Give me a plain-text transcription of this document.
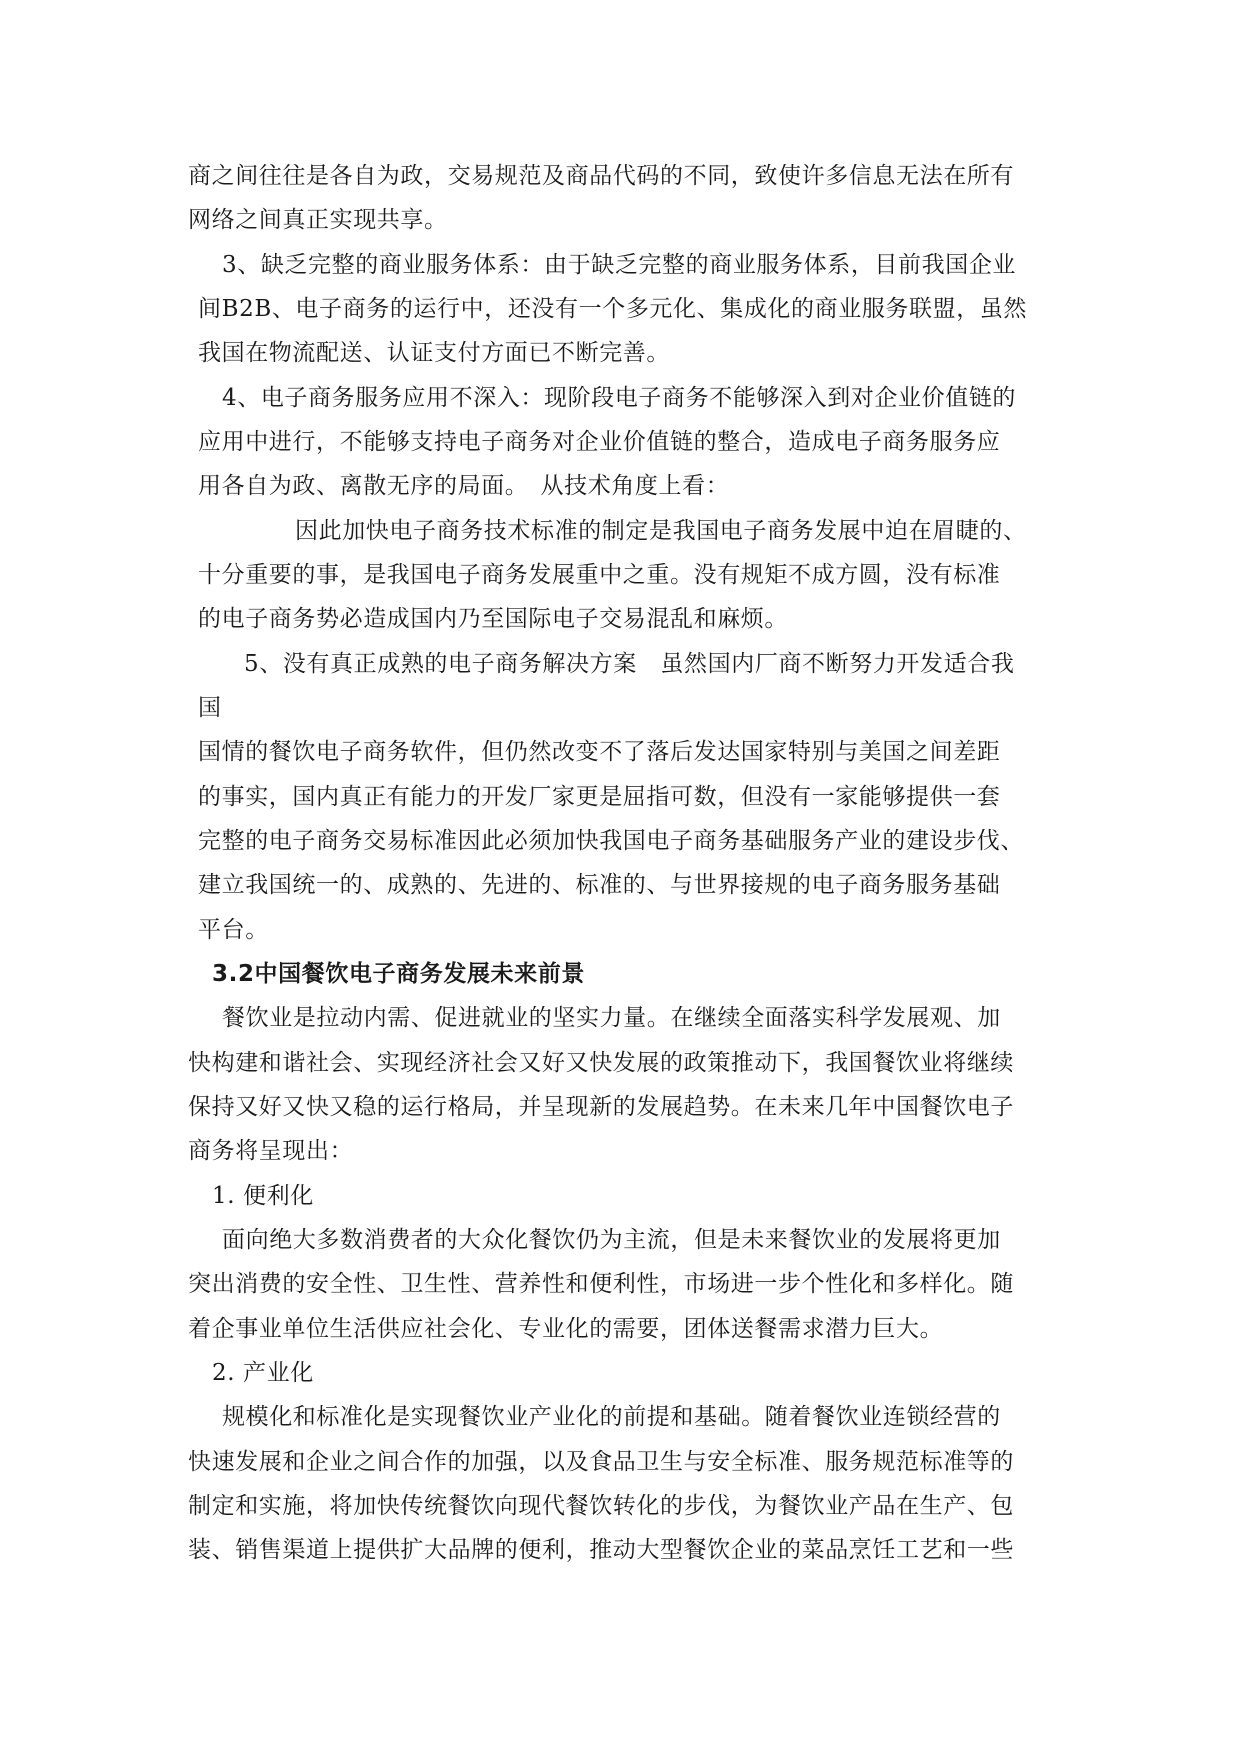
商之间往往是各自为政，交易规范及商品代码的不同，致使许多信息无法在所有
网络之间真正实现共享。
3、缺乏完整的商业服务体系：由于缺乏完整的商业服务体系，目前我国企业
间B2B、电子商务的运行中，还没有一个多元化、集成化的商业服务联盟，虽然
我国在物流配送、认证支付方面已不断完善。
4、电子商务服务应用不深入：现阶段电子商务不能够深入到对企业价值链的
应用中进行，不能够支持电子商务对企业价值链的整合，造成电子商务服务应
用各自为政、离散无序的局面。　从技术角度上看：
因此加快电子商务技术标准的制定是我国电子商务发展中迫在眉睫的、
十分重要的事，是我国电子商务发展重中之重。没有规矩不成方圆，没有标准
的电子商务势必造成国内乃至国际电子交易混乱和麻烦。
5、没有真正成熟的电子商务解决方案　虽然国内厂商不断努力开发适合我
国
国情的餐饮电子商务软件，但仍然改变不了落后发达国家特别与美国之间差距
的事实，国内真正有能力的开发厂家更是屈指可数，但没有一家能够提供一套
完整的电子商务交易标准因此必须加快我国电子商务基础服务产业的建设步伐、
建立我国统一的、成熟的、先进的、标准的、与世界接规的电子商务服务基础
平台。
3.2中国餐饮电子商务发展未来前景
餐饮业是拉动内需、促进就业的坚实力量。在继续全面落实科学发展观、加
快构建和谐社会、实现经济社会又好又快发展的政策推动下，我国餐饮业将继续
保持又好又快又稳的运行格局，并呈现新的发展趋势。在未来几年中国餐饮电子
商务将呈现出：
1. 便利化
面向绝大多数消费者的大众化餐饮仍为主流，但是未来餐饮业的发展将更加
突出消费的安全性、卫生性、营养性和便利性，市场进一步个性化和多样化。随
着企事业单位生活供应社会化、专业化的需要，团体送餐需求潜力巨大。
2. 产业化
规模化和标准化是实现餐饮业产业化的前提和基础。随着餐饮业连锁经营的
快速发展和企业之间合作的加强，以及食品卫生与安全标准、服务规范标准等的
制定和实施，将加快传统餐饮向现代餐饮转化的步伐，为餐饮业产品在生产、包
装、销售渠道上提供扩大品牌的便利，推动大型餐饮企业的菜品烹饪工艺和一些
